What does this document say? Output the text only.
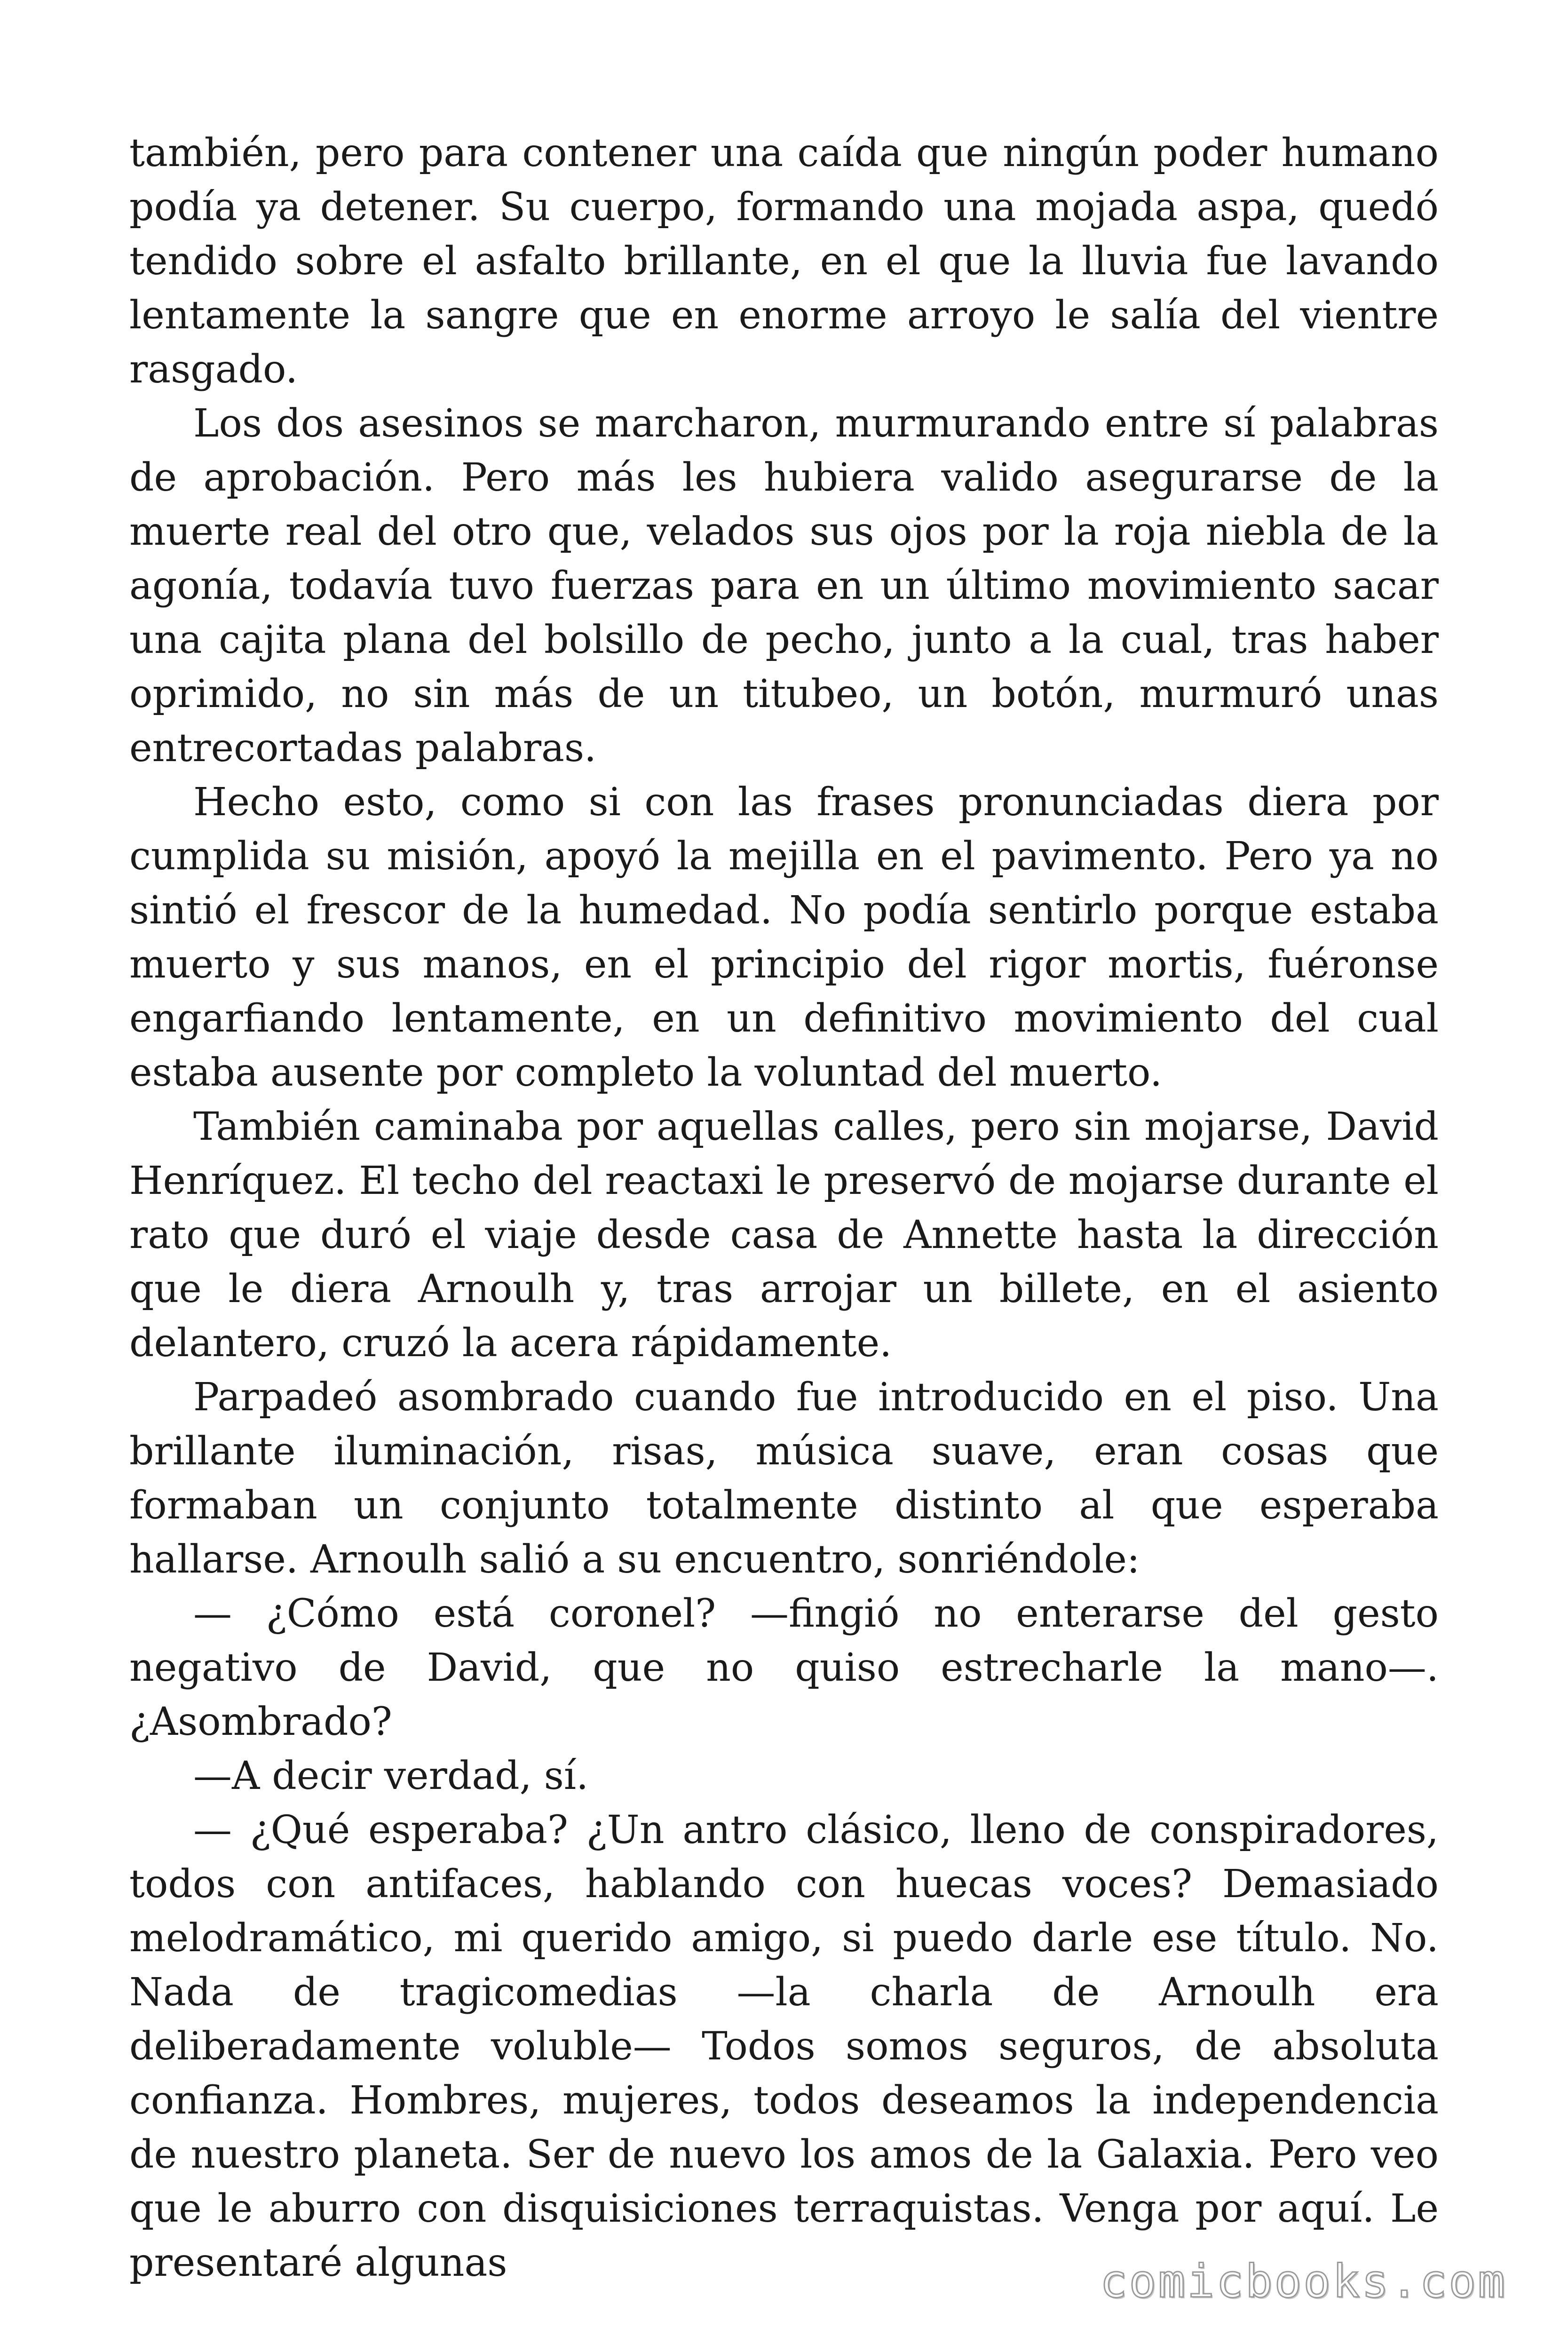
también, pero para contener una caída que ningún poder humano podía ya detener. Su cuerpo, formando una mojada aspa, quedó tendido sobre el asfalto brillante, en el que la lluvia fue lavando lentamente la sangre que en enorme arroyo le salía del vientre rasgado.

Los dos asesinos se marcharon, murmurando entre sí palabras de aprobación. Pero más les hubiera valido asegurarse de la muerte real del otro que, velados sus ojos por la roja niebla de la agonía, todavía tuvo fuerzas para en un último movimiento sacar una cajita plana del bolsillo de pecho, junto a la cual, tras haber oprimido, no sin más de un titubeo, un botón, murmuró unas entrecortadas palabras.

Hecho esto, como si con las frases pronunciadas diera por cumplida su misión, apoyó la mejilla en el pavimento. Pero ya no sintió el frescor de la humedad. No podía sentirlo porque estaba muerto y sus manos, en el principio del rigor mortis, fuéronse engarfiando lentamente, en un definitivo movimiento del cual estaba ausente por completo la voluntad del muerto.

También caminaba por aquellas calles, pero sin mojarse, David Henríquez. El techo del reactaxi le preservó de mojarse durante el rato que duró el viaje desde casa de Annette hasta la dirección que le diera Arnoulh y, tras arrojar un billete, en el asiento delantero, cruzó la acera rápidamente.

Parpadeó asombrado cuando fue introducido en el piso. Una brillante iluminación, risas, música suave, eran cosas que formaban un conjunto totalmente distinto al que esperaba hallarse. Arnoulh salió a su encuentro, sonriéndole:

— ¿Cómo está coronel? —fingió no enterarse del gesto negativo de David, que no quiso estrecharle la mano—. ¿Asombrado?

—A decir verdad, sí.

— ¿Qué esperaba? ¿Un antro clásico, lleno de conspiradores, todos con antifaces, hablando con huecas voces? Demasiado melodramático, mi querido amigo, si puedo darle ese título. No. Nada de tragicomedias —la charla de Arnoulh era deliberadamente voluble— Todos somos seguros, de absoluta confianza. Hombres, mujeres, todos deseamos la independencia de nuestro planeta. Ser de nuevo los amos de la Galaxia. Pero veo que le aburro con disquisiciones terraquistas. Venga por aquí. Le presentaré algunas	comicbooks.com
